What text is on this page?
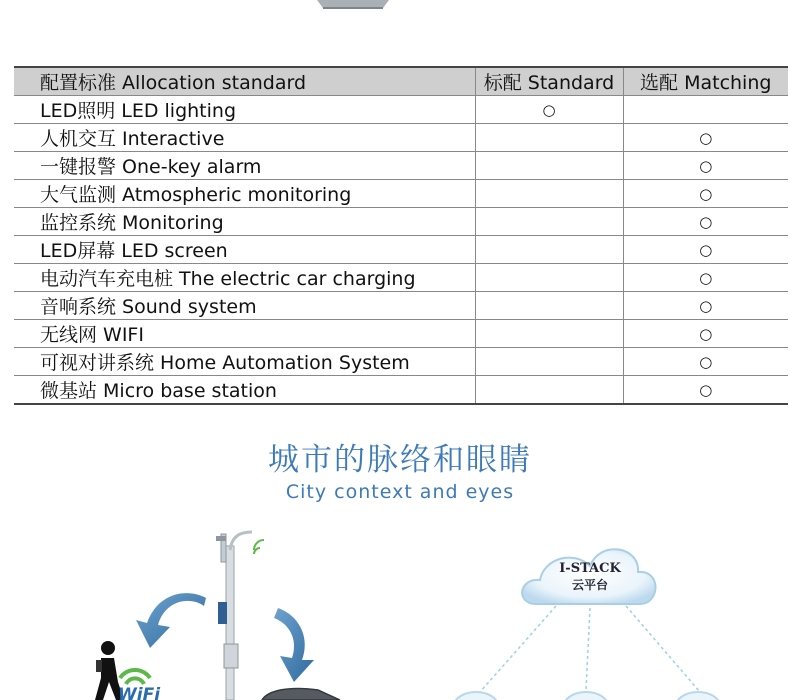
配置标准 Allocation standard	标配 Standard	选配 Matching
LED照明 LED lighting	○	
人机交互 Interactive		○
一键报警 One-key alarm		○
大气监测 Atmospheric monitoring		○
监控系统 Monitoring		○
LED屏幕 LED screen		○
电动汽车充电桩 The electric car charging		○
音响系统 Sound system		○
无线网 WIFI		○
可视对讲系统 Home Automation System		○
微基站 Micro base station		○
城市的脉络和眼睛
City context and eyes
WiFi
I-STACK
云平台
